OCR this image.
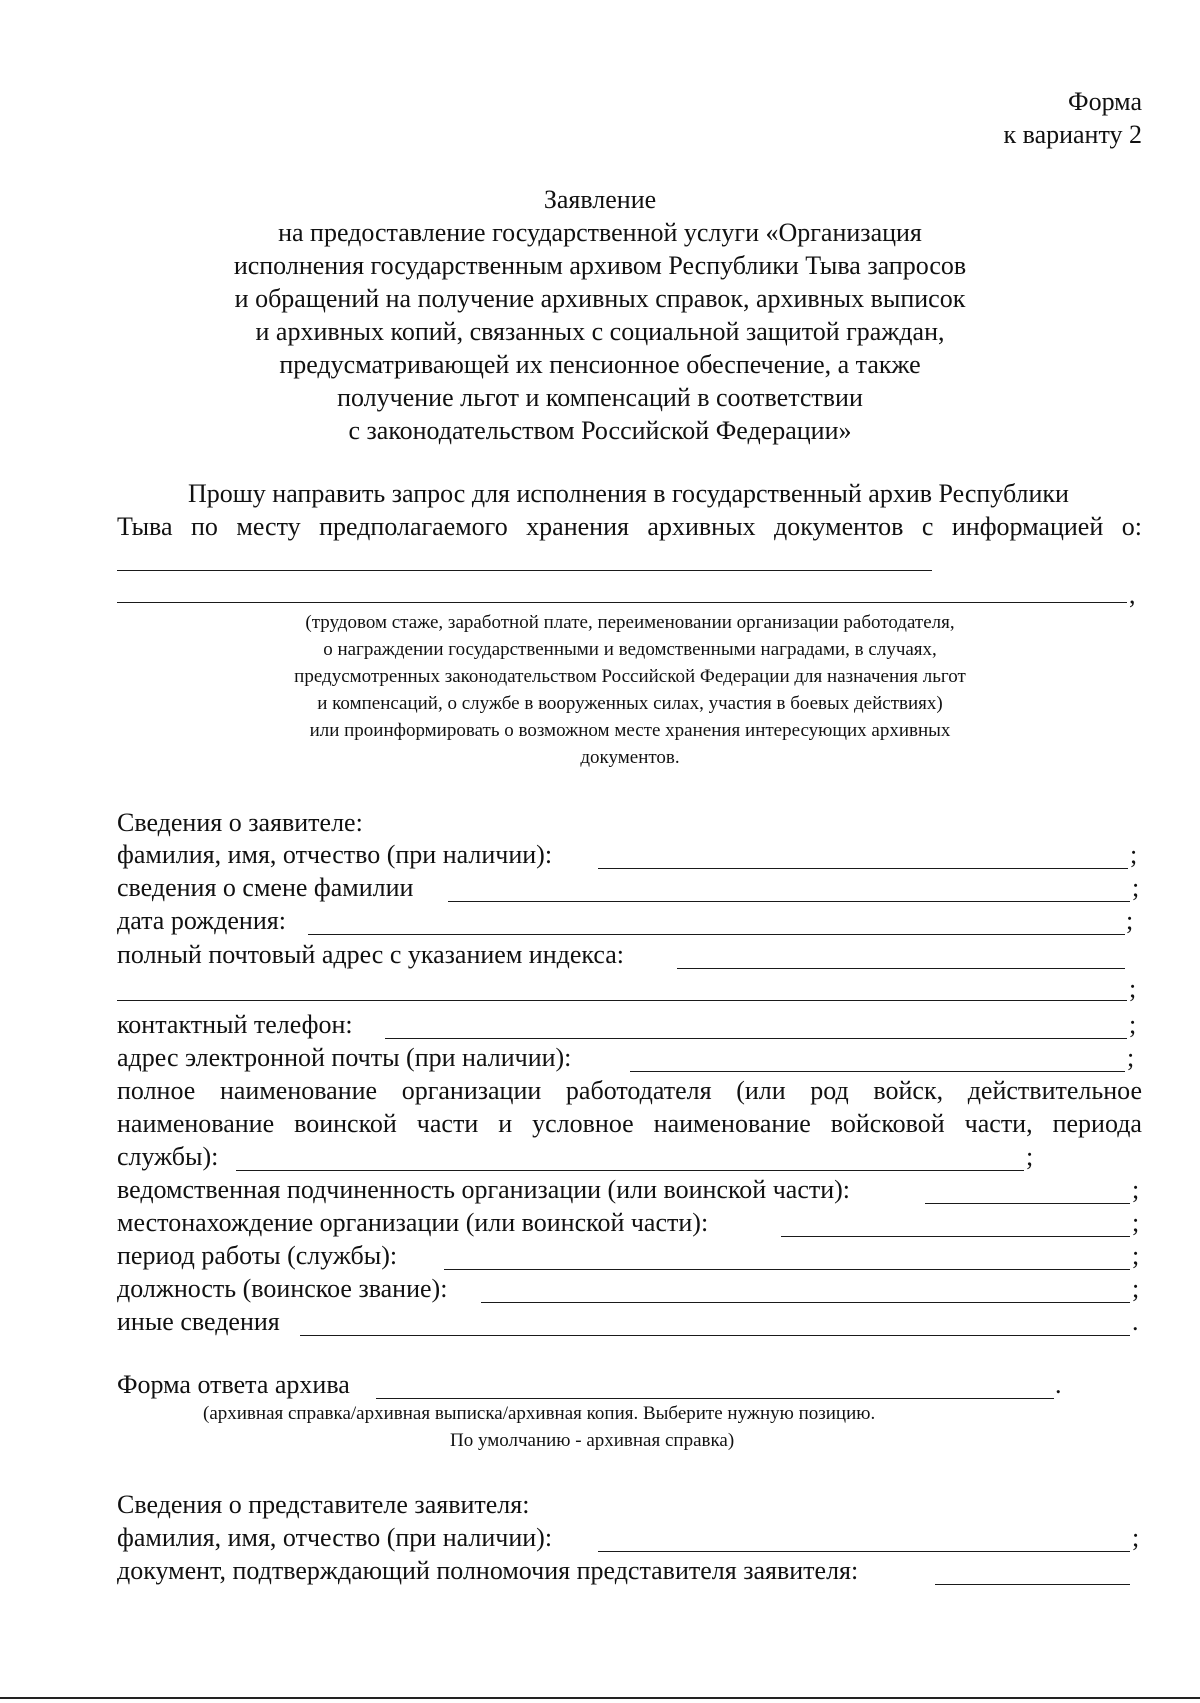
Форма
к варианту 2
Заявление
на предоставление государственной услуги «Организация
исполнения государственным архивом Республики Тыва запросов
и обращений на получение архивных справок, архивных выписок
и архивных копий, связанных с социальной защитой граждан,
предусматривающей их пенсионное обеспечение, а также
получение льгот и компенсаций в соответствии
с законодательством Российской Федерации»
Прошу направить запрос для исполнения в государственный архив Республики
Тыва по месту предполагаемого хранения архивных документов с информацией о:
,
(трудовом стаже, заработной плате, переименовании организации работодателя,
о награждении государственными и ведомственными наградами, в случаях,
предусмотренных законодательством Российской Федерации для назначения льгот
и компенсаций, о службе в вооруженных силах, участия в боевых действиях)
или проинформировать о возможном месте хранения интересующих архивных
документов.
Сведения о заявителе:
фамилия, имя, отчество (при наличии):	;
сведения о смене фамилии	;
дата рождения:	;
полный почтовый адрес с указанием индекса:
;
контактный телефон:	;
адрес электронной почты (при наличии):	;
полное наименование организации работодателя (или род войск, действительное
наименование воинской части и условное наименование войсковой части, периода
службы):	;
ведомственная подчиненность организации (или воинской части):	;
местонахождение организации (или воинской части):	;
период работы (службы):	;
должность (воинское звание):	;
иные сведения	.
Форма ответа архива	.
(архивная справка/архивная выписка/архивная копия. Выберите нужную позицию.
По умолчанию - архивная справка)
Сведения о представителе заявителя:
фамилия, имя, отчество (при наличии):	;
документ, подтверждающий полномочия представителя заявителя:
